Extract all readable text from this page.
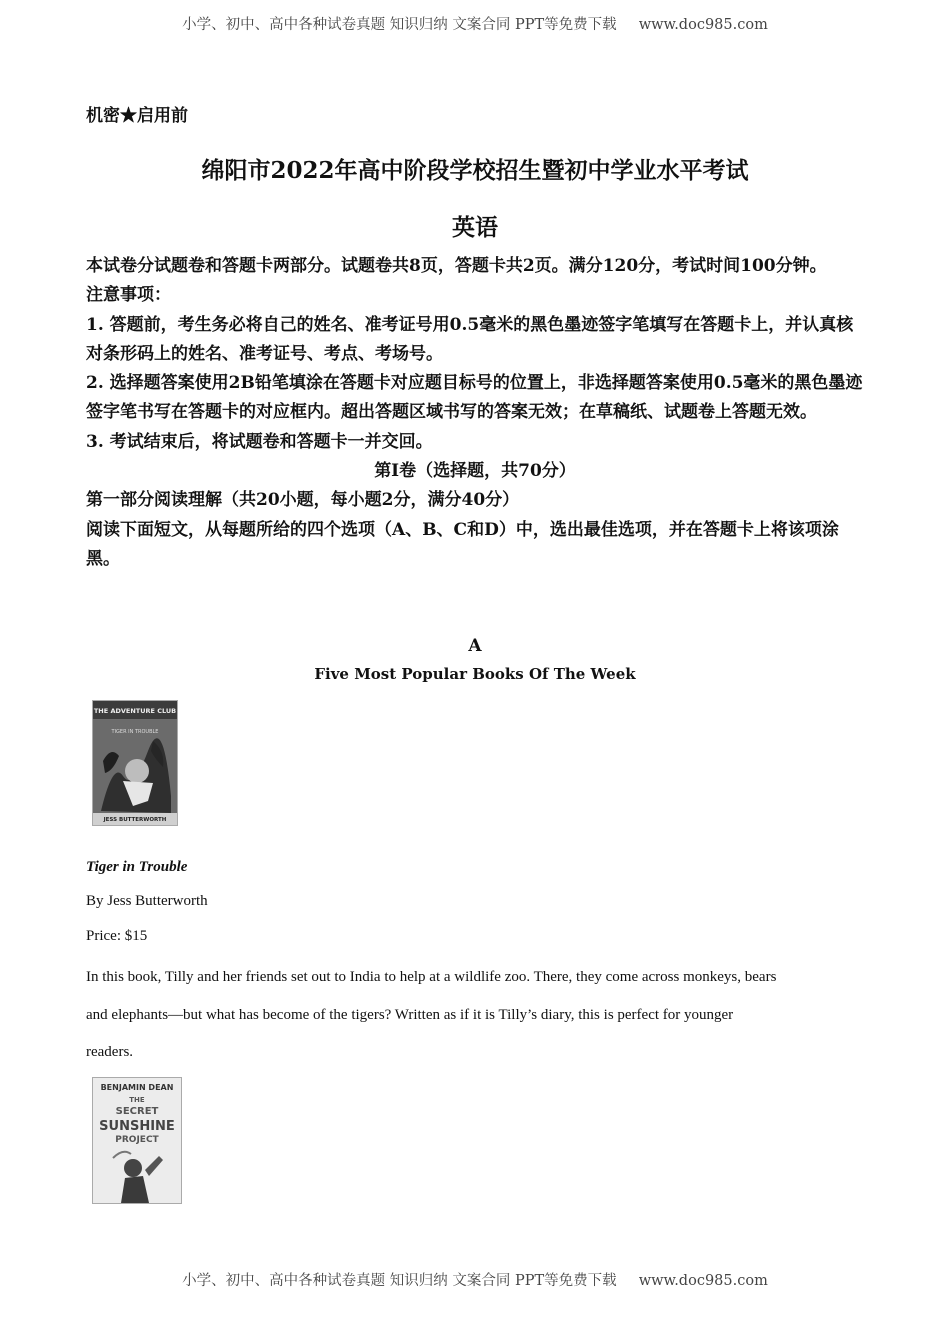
小学、初中、高中各种试卷真题 知识归纳 文案合同 PPT等免费下载 www.doc985.com
机密★启用前
绵阳市2022年高中阶段学校招生暨初中学业水平考试
英语

本试卷分试题卷和答题卡两部分。试题卷共8页，答题卡共2页。满分120分，考试时间100分钟。

注意事项：

1. 答题前，考生务必将自己的姓名、准考证号用0.5毫米的黑色墨迹签字笔填写在答题卡上，并认真核对条形码上的姓名、准考证号、考点、考场号。

2. 选择题答案使用2B铅笔填涂在答题卡对应题目标号的位置上，非选择题答案使用0.5毫米的黑色墨迹签字笔书写在答题卡的对应框内。超出答题区域书写的答案无效；在草稿纸、试题卷上答题无效。

3. 考试结束后，将试题卷和答题卡一并交回。

第I卷（选择题，共70分）

第一部分阅读理解（共20小题，每小题2分，满分40分）

阅读下面短文，从每题所给的四个选项（A、B、C和D）中，选出最佳选项，并在答题卡上将该项涂黑。

A
Five Most Popular Books Of The Week
THE ADVENTURE CLUB
TIGER IN TROUBLE
JESS BUTTERWORTH
Tiger in Trouble
By Jess Butterworth
Price: $15

In this book, Tilly and her friends set out to India to help at a wildlife zoo. There, they come across monkeys, bears

and elephants—but what has become of the tigers? Written as if it is Tilly’s diary, this is perfect for younger

readers.

BENJAMIN DEAN
THE
SECRET
SUNSHINE
PROJECT
小学、初中、高中各种试卷真题 知识归纳 文案合同 PPT等免费下载 www.doc985.com
